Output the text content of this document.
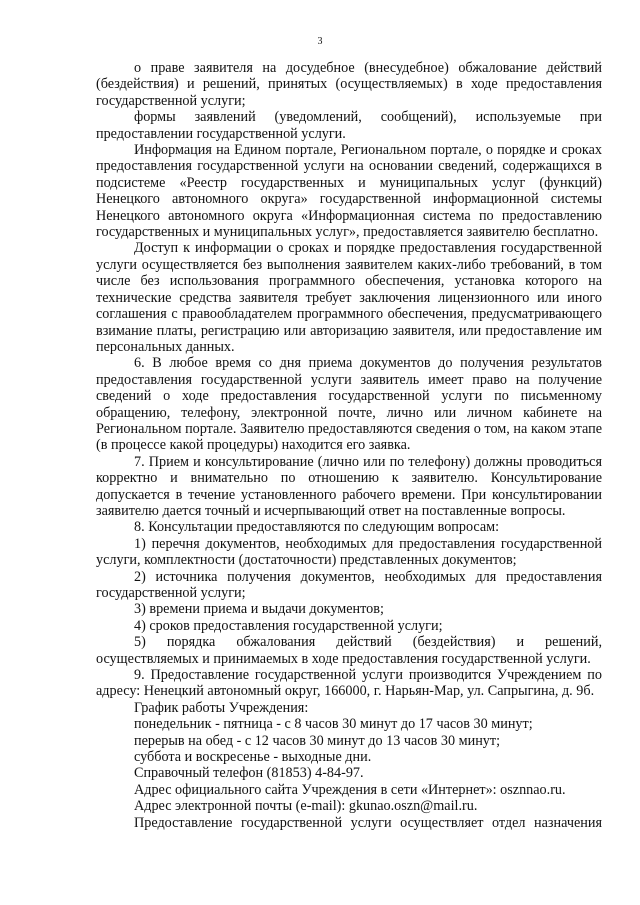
3

о праве заявителя на досудебное (внесудебное) обжалование действий (бездействия) и решений, принятых (осуществляемых) в ходе предоставления государственной услуги;

формы заявлений (уведомлений, сообщений), используемые при предоставлении государственной услуги.

Информация на Едином портале, Региональном портале, о порядке и сроках предоставления государственной услуги на основании сведений, содержащихся в подсистеме «Реестр государственных и муниципальных услуг (функций) Ненецкого автономного округа» государственной информационной системы Ненецкого автономного округа «Информационная система по предоставлению государственных и муниципальных услуг», предоставляется заявителю бесплатно.

Доступ к информации о сроках и порядке предоставления государственной услуги осуществляется без выполнения заявителем каких-либо требований, в том числе без использования программного обеспечения, установка которого на технические средства заявителя требует заключения лицензионного или иного соглашения с правообладателем программного обеспечения, предусматривающего взимание платы, регистрацию или авторизацию заявителя, или предоставление им персональных данных.

6. В любое время со дня приема документов до получения результатов предоставления государственной услуги заявитель имеет право на получение сведений о ходе предоставления государственной услуги по письменному обращению, телефону, электронной почте, лично или личном кабинете на Региональном портале. Заявителю предоставляются сведения о том, на каком этапе (в процессе какой процедуры) находится его заявка.

7. Прием и консультирование (лично или по телефону) должны проводиться корректно и внимательно по отношению к заявителю. Консультирование допускается в течение установленного рабочего времени. При консультировании заявителю дается точный и исчерпывающий ответ на поставленные вопросы.

8. Консультации предоставляются по следующим вопросам:

1) перечня документов, необходимых для предоставления государственной услуги, комплектности (достаточности) представленных документов;

2) источника получения документов, необходимых для предоставления государственной услуги;

3) времени приема и выдачи документов;

4) сроков предоставления государственной услуги;

5) порядка обжалования действий (бездействия) и решений, осуществляемых и принимаемых в ходе предоставления государственной услуги.

9. Предоставление государственной услуги производится Учреждением по адресу: Ненецкий автономный округ, 166000, г. Нарьян-Мар, ул. Сапрыгина, д. 9б.

График работы Учреждения:

понедельник - пятница - с 8 часов 30 минут до 17 часов 30 минут;

перерыв на обед - с 12 часов 30 минут до 13 часов 30 минут;

суббота и воскресенье - выходные дни.

Справочный телефон (81853) 4-84-97.

Адрес официального сайта Учреждения в сети «Интернет»: osznnao.ru.

Адрес электронной почты (e-mail): gkunao.oszn@mail.ru.

Предоставление государственной услуги осуществляет отдел назначения
